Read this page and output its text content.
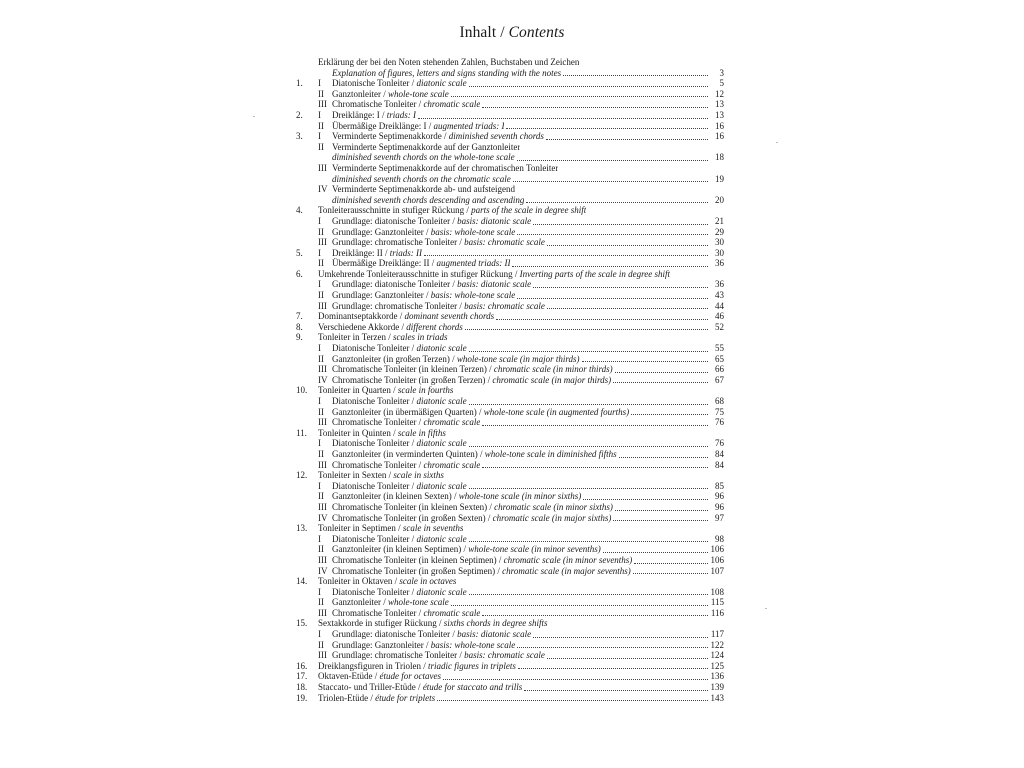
Inhalt / Contents
Erklärung der bei den Noten stehenden Zahlen, Buchstaben und Zeichen
Explanation of figures, letters and signs standing with the notes	3
1.	I	Diatonische Tonleiter / diatonic scale	5
II Ganztonleiter / whole-tone scale	12
III Chromatische Tonleiter / chromatic scale	13
2.	I	Dreiklänge: I / triads: I	13
II Übermäßige Dreiklänge: I / augmented triads: I	16
3.	I	Verminderte Septimenakkorde / diminished seventh chords	16
II Verminderte Septimenakkorde auf der Ganztonleiter
diminished seventh chords on the whole-tone scale	18
III Verminderte Septimenakkorde auf der chromatischen Tonleiter
diminished seventh chords on the chromatic scale	19
IV Verminderte Septimenakkorde ab- und aufsteigend
diminished seventh chords descending and ascending	20
4.	Tonleiterausschnitte in stufiger Rückung / parts of the scale in degree shift
I	Grundlage: diatonische Tonleiter / basis: diatonic scale	21
II Grundlage: Ganztonleiter / basis: whole-tone scale	29
III Grundlage: chromatische Tonleiter / basis: chromatic scale	30
5.	I	Dreiklänge: II / triads: II	30
II Übermäßige Dreiklänge: II / augmented triads: II	36
6.	Umkehrende Tonleiterausschnitte in stufiger Rückung / Inverting parts of the scale in degree shift
I	Grundlage: diatonische Tonleiter / basis: diatonic scale	36
II Grundlage: Ganztonleiter / basis: whole-tone scale	43
III Grundlage: chromatische Tonleiter / basis: chromatic scale	44
7.	Dominantseptakkorde / dominant seventh chords	46
8.	Verschiedene Akkorde / different chords	52
9.	Tonleiter in Terzen / scales in triads
I	Diatonische Tonleiter / diatonic scale	55
II Ganztonleiter (in großen Terzen) / whole-tone scale (in major thirds)	65
III Chromatische Tonleiter (in kleinen Terzen) / chromatic scale (in minor thirds)	66
IV Chromatische Tonleiter (in großen Terzen) / chromatic scale (in major thirds)	67
10.	Tonleiter in Quarten / scale in fourths
I	Diatonische Tonleiter / diatonic scale	68
II Ganztonleiter (in übermäßigen Quarten) / whole-tone scale (in augmented fourths)	75
III Chromatische Tonleiter / chromatic scale	76
11.	Tonleiter in Quinten / scale in fifths
I	Diatonische Tonleiter / diatonic scale	76
II Ganztonleiter (in verminderten Quinten) / whole-tone scale in diminished fifths	84
III Chromatische Tonleiter / chromatic scale	84
12.	Tonleiter in Sexten / scale in sixths
I	Diatonische Tonleiter / diatonic scale	85
II Ganztonleiter (in kleinen Sexten) / whole-tone scale (in minor sixths)	96
III Chromatische Tonleiter (in kleinen Sexten) / chromatic scale (in minor sixths)	96
IV Chromatische Tonleiter (in großen Sexten) / chromatic scale (in major sixths)	97
13.	Tonleiter in Septimen / scale in sevenths
I	Diatonische Tonleiter / diatonic scale	98
II Ganztonleiter (in kleinen Septimen) / whole-tone scale (in minor sevenths)	106
III Chromatische Tonleiter (in kleinen Septimen) / chromatic scale (in minor sevenths)	106
IV Chromatische Tonleiter (in großen Septimen) / chromatic scale (in major sevenths)	107
14.	Tonleiter in Oktaven / scale in octaves
I	Diatonische Tonleiter / diatonic scale	108
II Ganztonleiter / whole-tone scale	115
III Chromatische Tonleiter / chromatic scale	116
15.	Sextakkorde in stufiger Rückung / sixths chords in degree shifts
I	Grundlage: diatonische Tonleiter / basis: diatonic scale	117
II Grundlage: Ganztonleiter / basis: whole-tone scale	122
III Grundlage: chromatische Tonleiter / basis: chromatic scale	124
16.	Dreiklangsfiguren in Triolen / triadic figures in triplets	125
17.	Oktaven-Etüde / étude for octaves	136
18.	Staccato- und Triller-Etüde / étude for staccato and trills	139
19.	Triolen-Etüde / étude for triplets	143
